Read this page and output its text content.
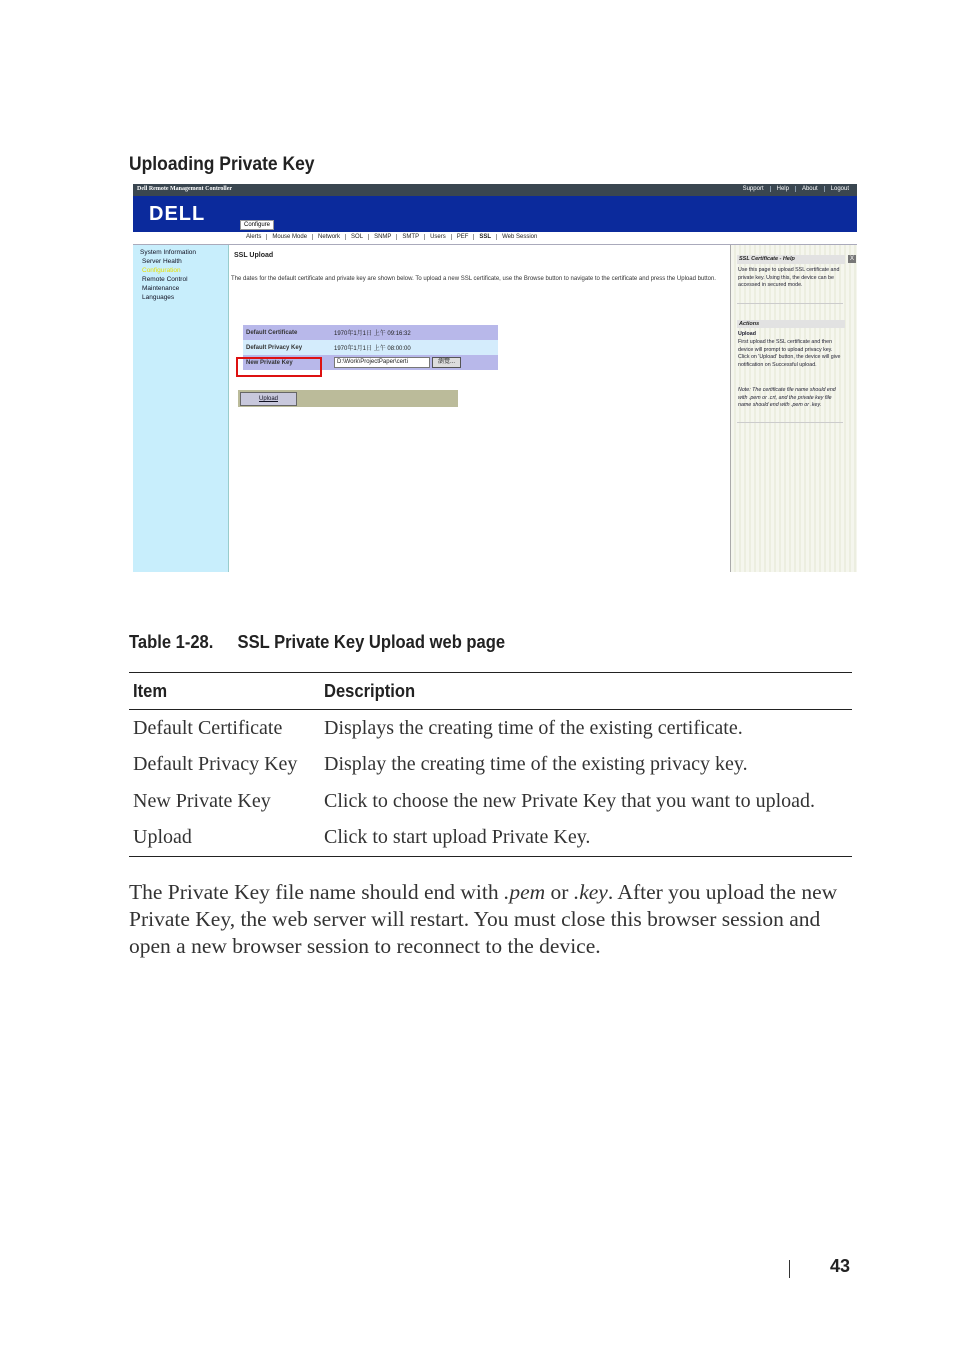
Uploading Private Key
Dell Remote Management Controller	Support	Help	About	Logout
DELL	Configure
Alerts	Mouse Mode	Network	SOL	SNMP	SMTP	Users	PEF	SSL	Web Session
System Information
Server Health
Configuration
Remote Control
Maintenance
Languages
SSL Upload
The dates for the default certificate and private key are shown below. To upload a new SSL certificate, use the Browse button to navigate to the certificate and press the Upload button.
Default Certificate	1970年1月1日 上午 09:16:32
Default Privacy Key	1970年1月1日 上午 08:00:00
New Private Key	D:\Work\ProjectPaper\certi	瀏覽...
Upload
SSL Certificate - Help	X
Use this page to upload SSL certificate and private key. Using this, the device can be accessed in secured mode.
Actions
Upload
First upload the SSL certificate and then device will prompt to upload privacy key. Click on 'Upload' button, the device will give notification on Successful upload.
Note: The certificate file name should end with .pem or .crt, and the private key file name should end with .pem or .key.
Table 1-28. SSL Private Key Upload web page
Item	Description
Default Certificate	Displays the creating time of the existing certificate.
Default Privacy Key	Display the creating time of the existing privacy key.
New Private Key	Click to choose the new Private Key that you want to upload.
Upload	Click to start upload Private Key.
The Private Key file name should end with .pem or .key. After you upload the new Private Key, the web server will restart. You must close this browser session and open a new browser session to reconnect to the device.
43
